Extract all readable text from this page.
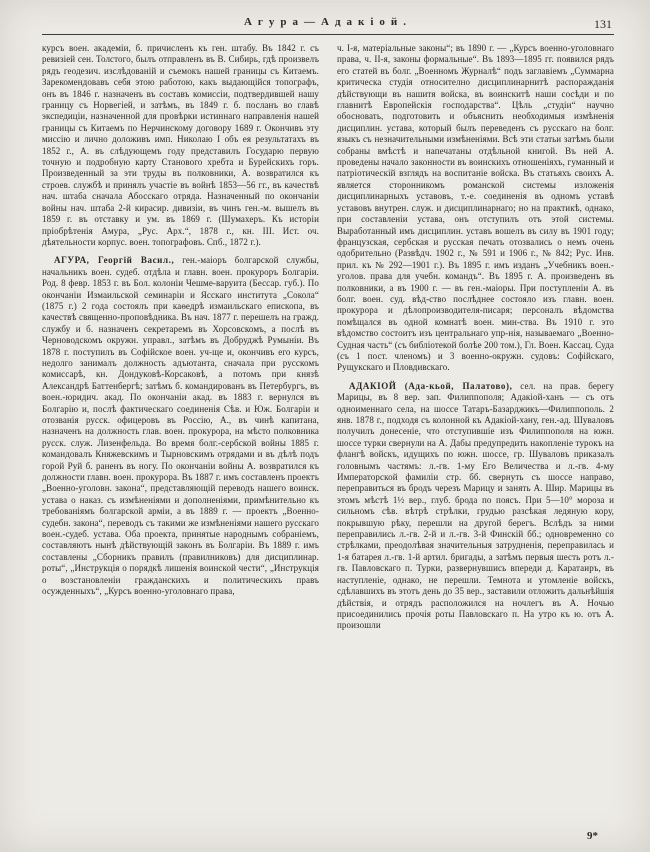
Агура—Адакіой.	131

курсъ воен. академіи, б. причисленъ къ ген. штабу. Въ 1842 г. съ ревизіей сен. Толстого, былъ отправленъ въ В. Сибирь, гдѣ произвелъ рядъ геодезич. изслѣдованій и съемокъ нашей границы съ Китаемъ. Зарекомендовавъ себя этою работою, какъ выдающійся топографъ, онъ въ 1846 г. назначенъ въ составъ комиссіи, подтвердившей нашу границу съ Норвегіей, и затѣмъ, въ 1849 г. б. посланъ во главѣ экспедиціи, назначенной для провѣрки истиннаго направленія нашей границы съ Китаемъ по Нерчинскому договору 1689 г. Окончивъ эту миссію и лично доложивъ имп. Николаю I объ ея результатахъ въ 1852 г., А. въ слѣдующемъ году представилъ Государю первую точную и подробную карту Станового хребта и Бурейскихъ горъ. Произведенный за эти труды въ полковники, А. возвратился къ строев. службѣ и принялъ участіе въ войнѣ 1853—56 гг., въ качествѣ нач. штаба сначала Абосскаго отряда. Назначенный по окончаніи войны нач. штаба 2-й кирасир. дивизіи, въ чинъ ген.-м. вышелъ въ 1859 г. въ отставку и ум. въ 1869 г. (Шумахеръ. Къ исторіи пріобрѣтенія Амура, „Рус. Арх.“, 1878 г., кн. III. Ист. оч. дѣятельности корпус. воен. топографовъ. Спб., 1872 г.).

АГУРА, Георгій Васил., ген.-маіоръ болгарской службы, начальникъ воен. судеб. отдѣла и главн. воен. прокуроръ Болгаріи. Род. 8 февр. 1853 г. въ Бол. колоніи Чешме-варуита (Бессар. губ.). По окончаніи Измаильской семинаріи и Ясскаго института „Сокола“ (1875 г.) 2 года состоялъ при каѳедрѣ измаильскаго епископа, въ качествѣ священно-проповѣдника. Въ нач. 1877 г. перешелъ на гражд. службу и б. назначенъ секретаремъ въ Хорсовскомъ, а послѣ въ Черноводскомъ окружн. управл., затѣмъ въ Добруджѣ Румыніи. Въ 1878 г. поступилъ въ Софійское воен. уч-ще и, окончивъ его курсъ, недолго занималъ должность адъютанта, сначала при русскомъ комиссарѣ, кн. Дондуковѣ-Корсаковѣ, а потомъ при князѣ Александрѣ Баттенбергѣ; затѣмъ б. командированъ въ Петербургъ, въ воен.-юридич. акад. По окончаніи акад. въ 1883 г. вернулся въ Болгарію и, послѣ фактическаго соединенія Сѣв. и Юж. Болгаріи и отозванія русск. офицеровъ въ Россію, А., въ чинѣ капитана, назначенъ на должность глав. воен. прокурора, на мѣсто полковника русск. служ. Лизенфельда. Во время болг.-сербской войны 1885 г. командовалъ Княжевскимъ и Тырновскимъ отрядами и въ дѣлѣ подъ горой Руй б. раненъ въ ногу. По окончаніи войны А. возвратился къ должности главн. воен. прокурора. Въ 1887 г. имъ составленъ проектъ „Военно-уголовн. закона“, представляющій переводъ нашего воинск. устава о наказ. съ измѣненіями и дополненіями, примѣнительно къ требованіямъ болгарской арміи, а въ 1889 г. — проектъ „Военно-судебн. закона“, переводъ съ такими же измѣненіями нашего русскаго воен.-судеб. устава. Оба проекта, принятые народнымъ собраніемъ, составляютъ нынѣ дѣйствующій законъ въ Болгаріи. Въ 1889 г. имъ составлены „Сборникъ правилъ (правилниковъ) для дисциплинар. роты“, „Инструкція о порядкѣ лишенія воинской чести“, „Инструкція о возстановленіи гражданскихъ и политическихъ правъ осужденныхъ“, „Курсъ военно-уголовнаго права,

ч. І-я, матеріальные законы“; въ 1890 г. — „Курсъ военно-уголовнаго права, ч. ІІ-я, законы формальные“. Въ 1893—1895 гг. появился рядъ его статей въ болг. „Военномъ Журналѣ“ подъ заглавіемъ „Суммарна критическа студія относително дисциплинарнитѣ распоражданія дѣйствующи въ нашитя войска, въ воинскитѣ наши сосѣди и по главнитѣ Европейскія господарства“. Цѣль „студіи“ научно обосновать, подготовить и объяснить необходимыя измѣненія дисциплин. устава, который былъ переведенъ съ русскаго на болг. языкъ съ незначительными измѣненіями. Всѣ эти статьи затѣмъ были собраны вмѣстѣ и напечатаны отдѣльной книгой. Въ ней А. проведены начало законности въ воинскихъ отношеніяхъ, гуманный и патріотическій взглядъ на воспитаніе войска. Въ статьяхъ своихъ А. является сторонникомъ романской системы изложенія дисциплинарныхъ уставовъ, т.-е. соединенія въ одномъ уставѣ уставовъ внутрен. служ. и дисциплинарнаго; но на практикѣ, однако, при составленіи устава, онъ отступилъ отъ этой системы. Выработанный имъ дисциплин. уставъ вошелъ въ силу въ 1901 году; французская, сербская и русская печать отозвались о немъ очень одобрительно (Развѣдч. 1902 г., № 591 и 1906 г., № 842; Рус. Инв. прил. къ № 292—1901 г.). Въ 1895 г. имъ изданъ „Учебникъ воен.-уголов. права для учебн. командъ“. Въ 1895 г. А. произведенъ въ полковники, а въ 1900 г. — въ ген.-маіоры. При поступленіи А. въ болг. воен. суд. вѣд-ство послѣднее состояло изъ главн. воен. прокурора и дѣлопроизводителя-писаря; персоналъ вѣдомства помѣщался въ одной комнатѣ воен. мин-ства. Въ 1910 г. это вѣдомство состоитъ изъ центральнаго упр-нія, называемаго „Военно-Судная часть“ (съ библіотекой болѣе 200 том.), Гл. Воен. Кассац. Суда (съ 1 пост. членомъ) и 3 военно-окружн. судовъ: Софійскаго, Рущукскаго и Пловдивскаго.

АДАКІОЙ (Ада-кьой, Палатово), сел. на прав. берегу Марицы, въ 8 вер. зап. Филиппополя; Адакіой-ханъ — съ отъ одноименнаго села, на шоссе Татаръ-Базарджикъ—Филиппополь. 2 янв. 1878 г., подходя съ колонной къ Адакіой-хану, ген.-ад. Шуваловъ получилъ донесеніе, что отступившіе изъ Филиппополя на южн. шоссе турки свернули на А. Дабы предупредить накопленіе турокъ на флангѣ войскъ, идущихъ по южн. шоссе, гр. Шуваловъ приказалъ головнымъ частямъ: л.-гв. 1-му Его Величества и л.-гв. 4-му Императорской фамиліи стр. бб. свернуть съ шоссе направо, переправиться въ бродъ черезъ Марицу и занять А. Шир. Марицы въ этомъ мѣстѣ 1½ вер., глуб. брода по поясъ. При 5—10° мороза и сильномъ сѣв. вѣтрѣ стрѣлки, грудью разсѣкая ледяную кору, покрывшую рѣку, перешли на другой берегъ. Вслѣдъ за ними переправились л.-гв. 2-й и л.-гв. 3-й Финскій бб.; одновременно со стрѣлками, преодолѣвая значительныя затрудненія, переправилась и 1-я батарея л.-гв. 1-й артил. бригады, а затѣмъ первыя шесть ротъ л.-гв. Павловскаго п. Турки, развернувшись впереди д. Каратаиръ, въ наступленіе, однако, не перешли. Темнота и утомленіе войскъ, сдѣлавшихъ въ этотъ день до 35 вер., заставили отложить дальнѣйшія дѣйствія, и отрядъ расположился на ночлегъ въ А. Ночью присоединились прочія роты Павловскаго п. На утро къ ю. отъ А. произошли

9*
